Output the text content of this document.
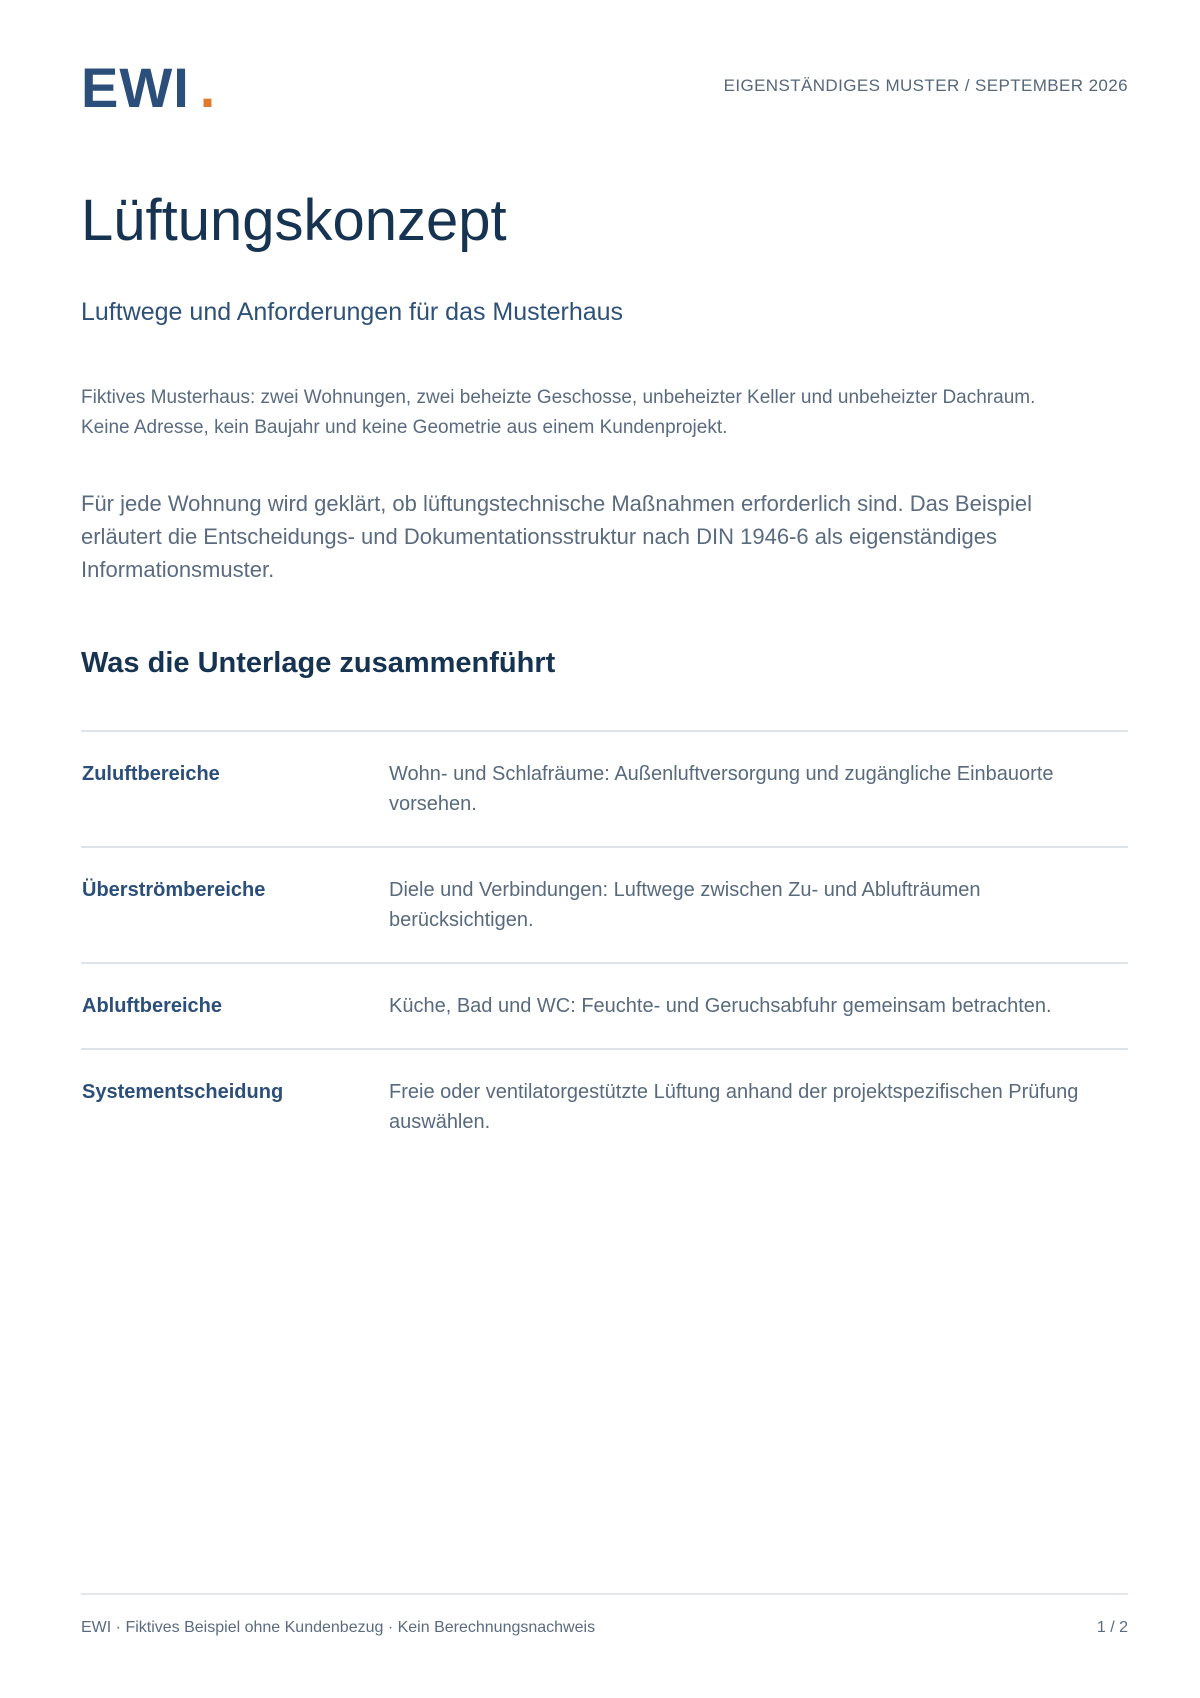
EWI .	EIGENSTÄNDIGES MUSTER / SEPTEMBER 2026
Lüftungskonzept
Luftwege und Anforderungen für das Musterhaus

Fiktives Musterhaus: zwei Wohnungen, zwei beheizte Geschosse, unbeheizter Keller und unbeheizter Dachraum.
Keine Adresse, kein Baujahr und keine Geometrie aus einem Kundenprojekt.

Für jede Wohnung wird geklärt, ob lüftungstechnische Maßnahmen erforderlich sind. Das Beispiel
erläutert die Entscheidungs- und Dokumentationsstruktur nach DIN 1946-6 als eigenständiges
Informationsmuster.

Was die Unterlage zusammenführt
Zuluftbereiche	Wohn- und Schlafräume: Außenluftversorgung und zugängliche Einbauorte
vorsehen.

Überströmbereiche	Diele und Verbindungen: Luftwege zwischen Zu- und Ablufträumen
berücksichtigen.

Abluftbereiche	Küche, Bad und WC: Feuchte- und Geruchsabfuhr gemeinsam betrachten.

Systementscheidung	Freie oder ventilatorgestützte Lüftung anhand der projektspezifischen Prüfung
auswählen.
EWI · Fiktives Beispiel ohne Kundenbezug · Kein Berechnungsnachweis	1 / 2
